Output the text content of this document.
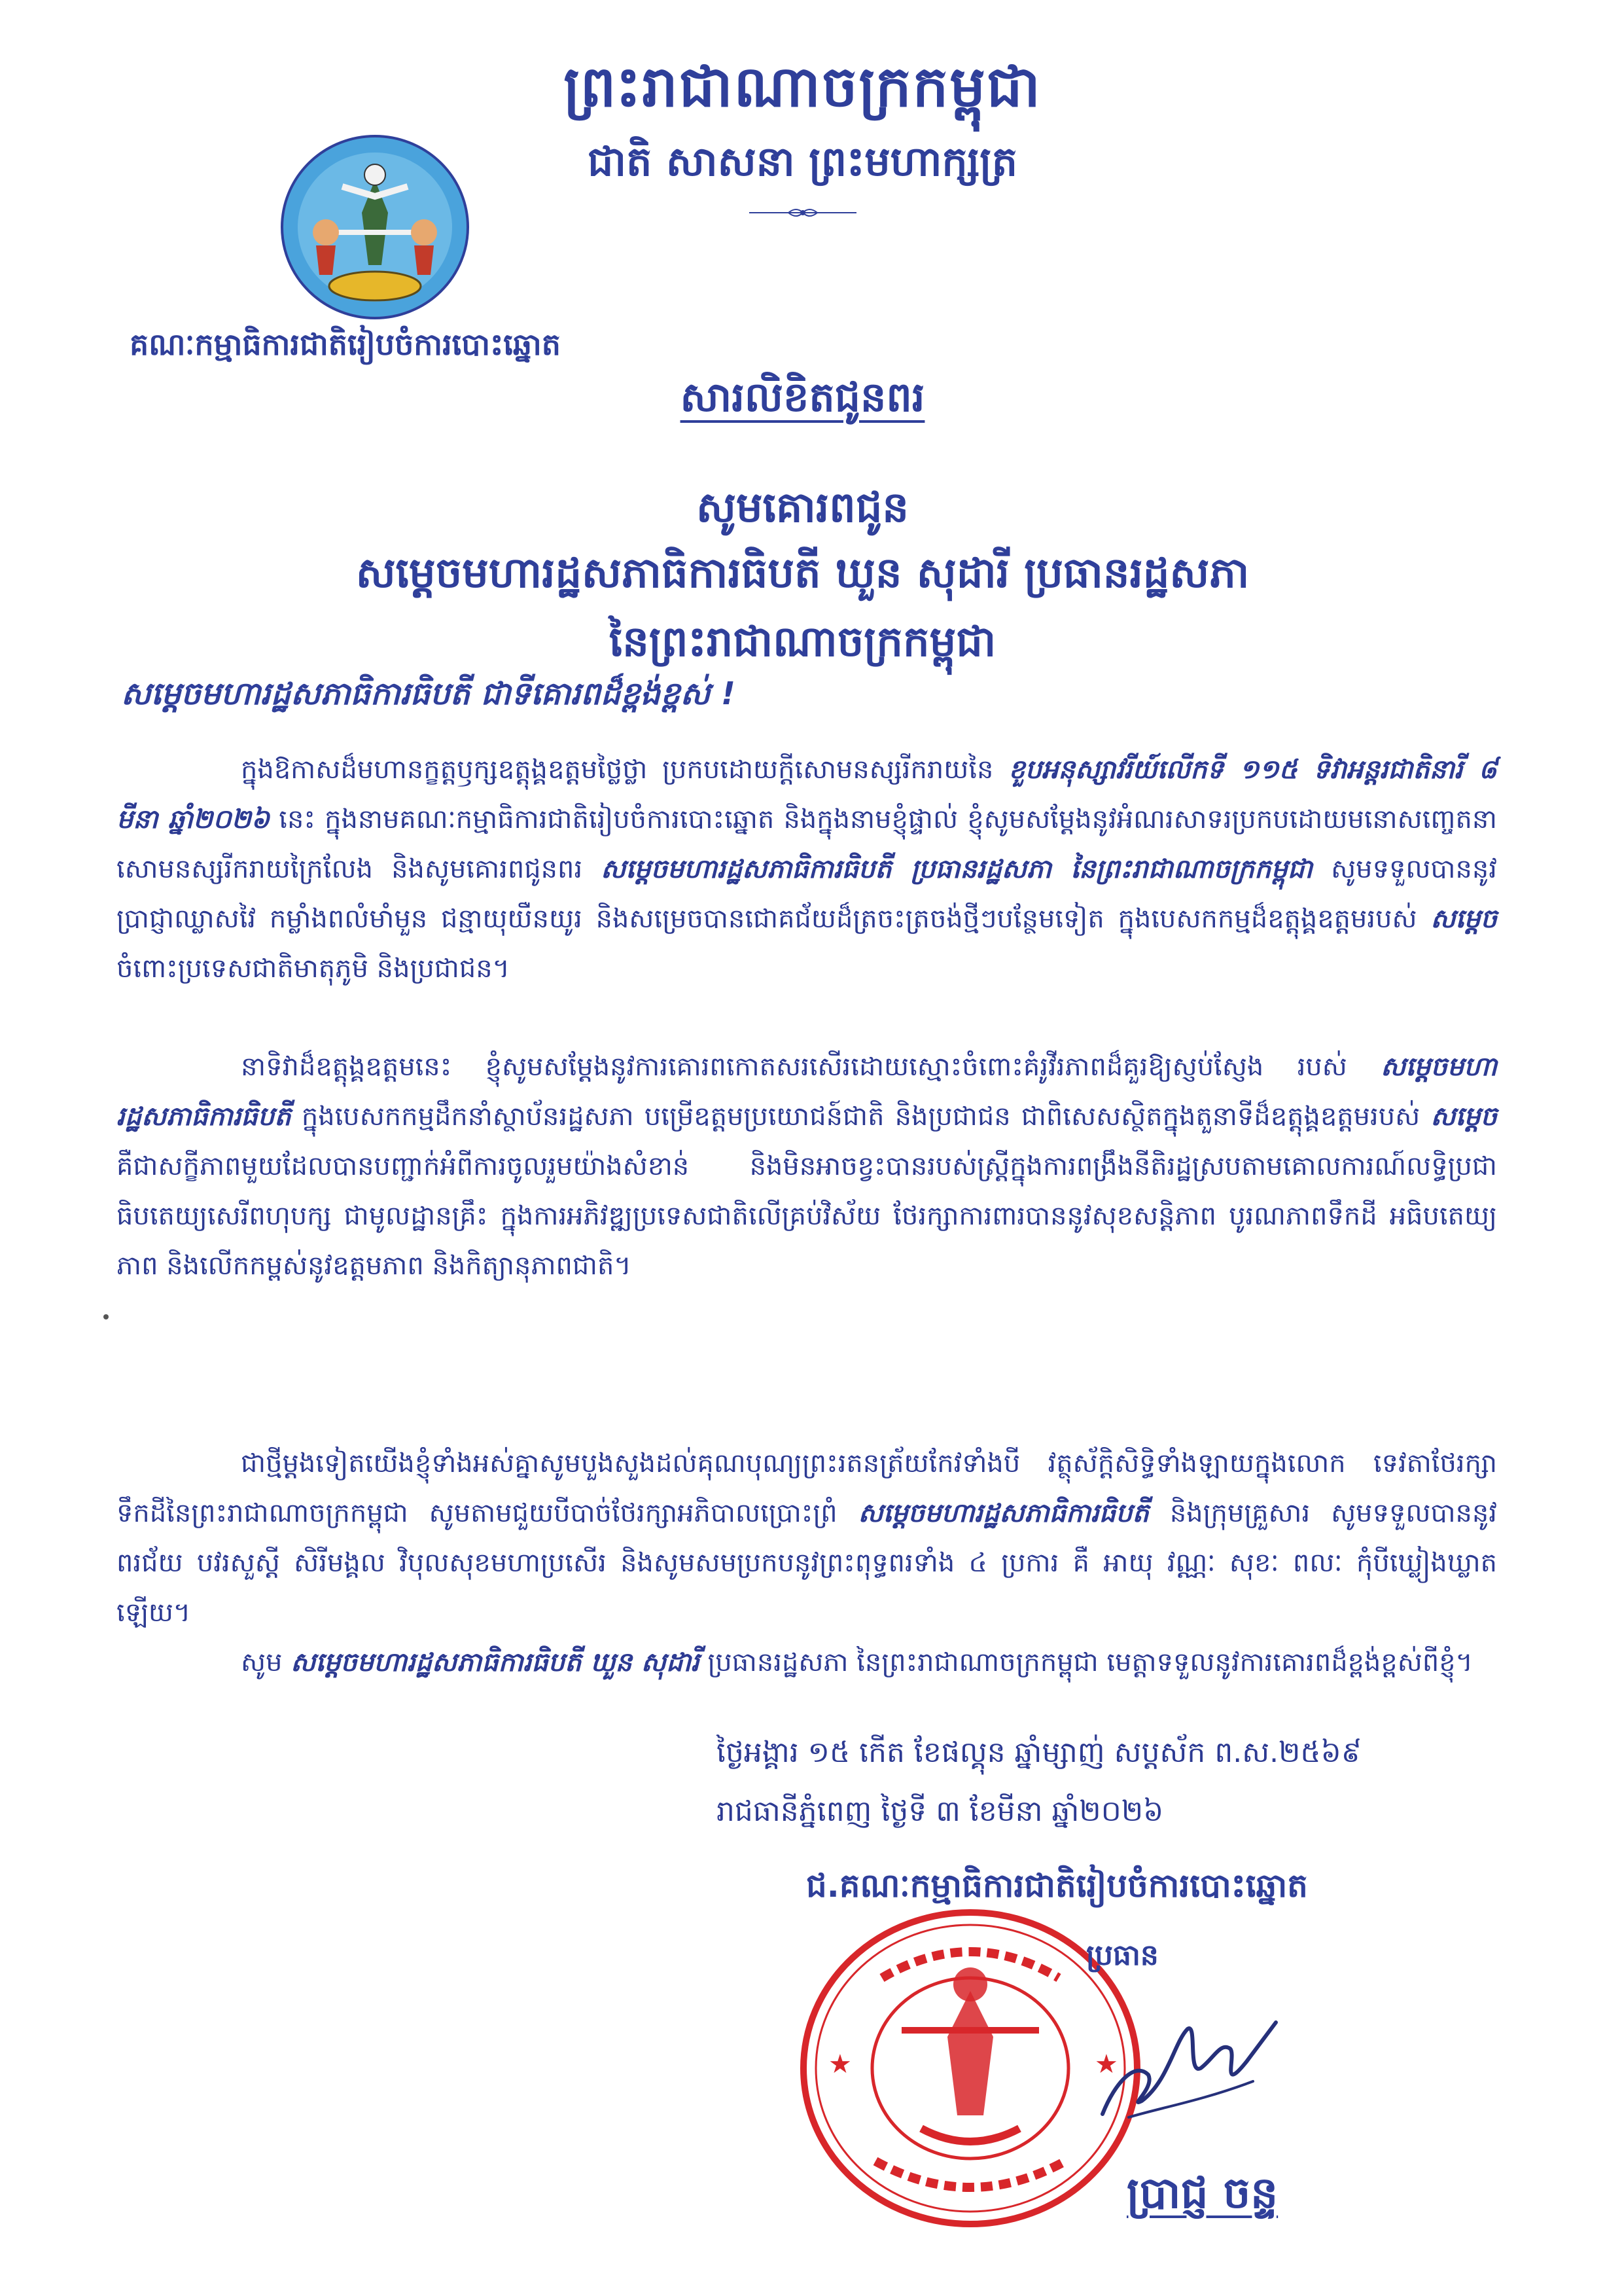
ព្រះរាជាណាចក្រកម្ពុជា
ជាតិ សាសនា ព្រះមហាក្សត្រ
គណៈកម្មាធិការជាតិរៀបចំការបោះឆ្នោត
សារលិខិតជូនពរ
សូមគោរពជូន
សម្តេចមហារដ្ឋសភាធិការធិបតី ឃួន សុដារី ប្រធានរដ្ឋសភា
នៃព្រះរាជាណាចក្រកម្ពុជា
សម្តេចមហារដ្ឋសភាធិការធិបតី ជាទីគោរពដ៏ខ្ពង់ខ្ពស់ !

ក្នុងឱកាសដ៏មហានក្ខត្តឫក្សឧត្តុង្គឧត្តមថ្លៃថ្លា ប្រកបដោយក្តីសោមនស្សរីករាយនៃ ខួបអនុស្សាវរីយ៍លើកទី ១១៥ ទិវាអន្តរជាតិនារី ៨ មីនា ឆ្នាំ២០២៦ នេះ ក្នុងនាមគណៈកម្មាធិការជាតិរៀបចំការបោះឆ្នោត និងក្នុងនាមខ្ញុំផ្ទាល់ ខ្ញុំសូមសម្តែងនូវអំណរសាទរប្រកបដោយមនោសញ្ចេតនាសោមនស្សរីករាយក្រៃលែង និងសូមគោរពជូនពរ សម្តេចមហារដ្ឋសភាធិការធិបតី ប្រធានរដ្ឋសភា នៃព្រះរាជាណាចក្រកម្ពុជា សូមទទួលបាននូវប្រាជ្ញាឈ្លាសវៃ កម្លាំងពលំមាំមួន ជន្មាយុយឺនយូរ និងសម្រេចបានជោគជ័យដ៏ត្រចះត្រចង់ថ្មីៗបន្ថែមទៀត ក្នុងបេសកកម្មដ៏ឧត្តុង្គឧត្តមរបស់ សម្តេច ចំពោះប្រទេសជាតិមាតុភូមិ និងប្រជាជន។

នាទិវាដ៏ឧត្តុង្គឧត្តមនេះ ខ្ញុំសូមសម្តែងនូវការគោរពកោតសរសើរដោយស្មោះចំពោះគំរូវីរភាពដ៏គួរឱ្យស្ញប់ស្ញែង របស់ សម្តេចមហារដ្ឋសភាធិការធិបតី ក្នុងបេសកកម្មដឹកនាំស្ថាប័នរដ្ឋសភា បម្រើឧត្តមប្រយោជន៍ជាតិ និងប្រជាជន ជាពិសេសស្ថិតក្នុងតួនាទីដ៏ឧត្តុង្គឧត្តមរបស់ សម្តេច គឺជាសក្ខីភាពមួយដែលបានបញ្ជាក់អំពីការចូលរួមយ៉ាងសំខាន់ និងមិនអាចខ្វះបានរបស់ស្ត្រីក្នុងការពង្រឹងនីតិរដ្ឋស្របតាមគោលការណ៍លទ្ធិប្រជាធិបតេយ្យសេរីពហុបក្ស ជាមូលដ្ឋានគ្រឹះ ក្នុងការអភិវឌ្ឍប្រទេសជាតិលើគ្រប់វិស័យ ថែរក្សាការពារបាននូវសុខសន្តិភាព បូរណភាពទឹកដី អធិបតេយ្យភាព និងលើកកម្ពស់នូវឧត្តមភាព និងកិត្យានុភាពជាតិ។

ជាថ្មីម្តងទៀតយើងខ្ញុំទាំងអស់គ្នាសូមបួងសួងដល់គុណបុណ្យព្រះរតនត្រ័យកែវទាំងបី វត្ថុស័ក្តិសិទ្ធិទាំងឡាយក្នុងលោក ទេវតាថែរក្សាទឹកដីនៃព្រះរាជាណាចក្រកម្ពុជា សូមតាមជួយបីបាច់ថែរក្សាអភិបាលប្រោះព្រំ សម្តេចមហារដ្ឋសភាធិការធិបតី និងក្រុមគ្រួសារ សូមទទួលបាននូវពរជ័យ បវរសួស្តី សិរីមង្គល វិបុលសុខមហាប្រសើរ និងសូមសមប្រកបនូវព្រះពុទ្ធពរទាំង ៤ ប្រការ គឺ អាយុ វណ្ណៈ សុខៈ ពលៈ កុំបីឃ្លៀងឃ្លាតឡើយ។

សូម សម្តេចមហារដ្ឋសភាធិការធិបតី ឃួន សុដារី ប្រធានរដ្ឋសភា នៃព្រះរាជាណាចក្រកម្ពុជា មេត្តាទទួលនូវការគោរពដ៏ខ្ពង់ខ្ពស់ពីខ្ញុំ។

ថ្ងៃអង្គារ ១៥ កើត ខែផល្គុន ឆ្នាំម្សាញ់ សប្តស័ក ព.ស.២៥៦៩
រាជធានីភ្នំពេញ ថ្ងៃទី ៣ ខែមីនា ឆ្នាំ២០២៦
★	★
ជ.គណៈកម្មាធិការជាតិរៀបចំការបោះឆ្នោត
ប្រធាន
ប្រាជ្ញ ចន្ទ
